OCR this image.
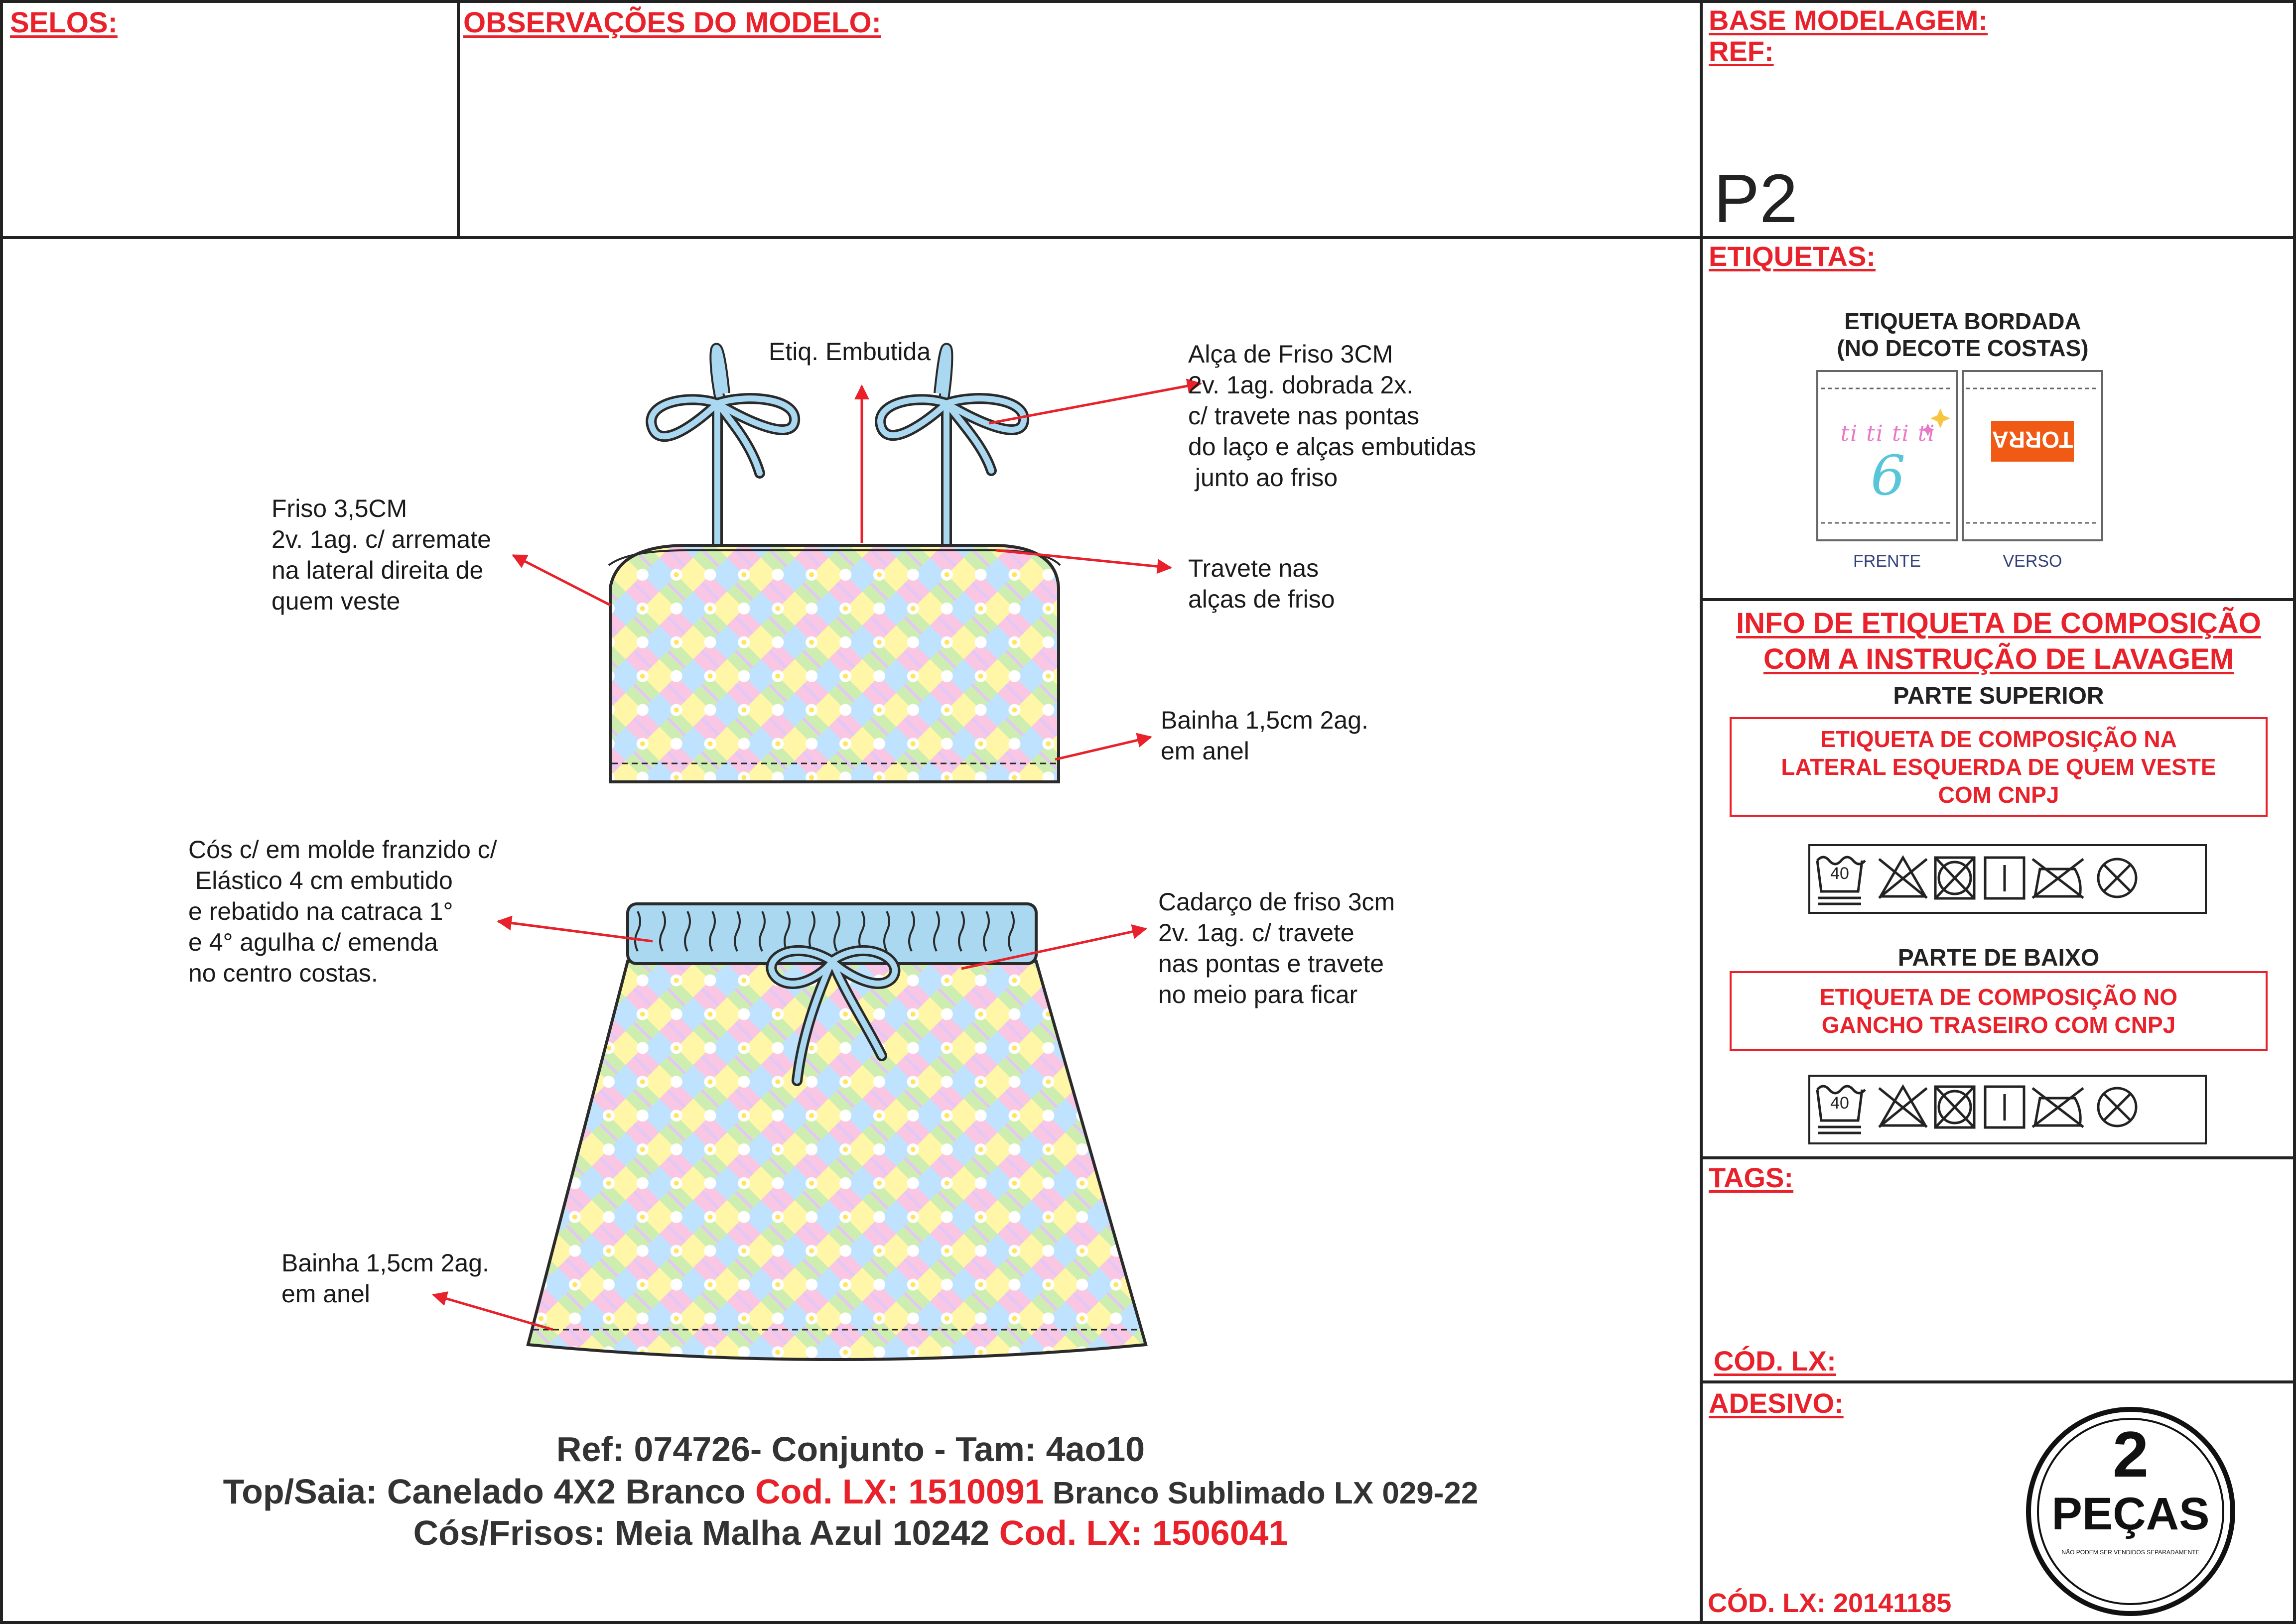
SELOS:	OBSERVAÇÕES DO MODELO:	BASE MODELAGEM:
REF:
P2
Etiq. Embutida	Alça de Friso 3CM
2v. 1ag. dobrada 2x.
c/ travete nas pontas
do laço e alças embutidas
junto ao friso
Friso 3,5CM
2v. 1ag. c/ arremate
na lateral direita de
quem veste
Travete nas
alças de friso
Bainha 1,5cm 2ag.
em anel
Cós c/ em molde franzido c/
Elástico 4 cm embutido
e rebatido na catraca 1°
e 4° agulha c/ emenda
no centro costas.
Cadarço de friso 3cm
2v. 1ag. c/ travete
nas pontas e travete
no meio para ficar
Bainha 1,5cm 2ag.
em anel
Ref: 074726- Conjunto - Tam: 4ao10
Top/Saia: Canelado 4X2 Branco Cod. LX: 1510091 Branco Sublimado LX 029-22
Cós/Frisos: Meia Malha Azul 10242 Cod. LX: 1506041
ETIQUETAS:
ETIQUETA BORDADA
(NO DECOTE COSTAS)
ti ti ti ti
6
TORRA
FRENTE	VERSO
INFO DE ETIQUETA DE COMPOSIÇÃO
COM A INSTRUÇÃO DE LAVAGEM
PARTE SUPERIOR
ETIQUETA DE COMPOSIÇÃO NA
LATERAL ESQUERDA DE QUEM VESTE
COM CNPJ
40
PARTE DE BAIXO
ETIQUETA DE COMPOSIÇÃO NO
GANCHO TRASEIRO COM CNPJ
40
TAGS:
CÓD. LX:
ADESIVO:
2
PEÇAS
NÃO PODEM SER VENDIDOS SEPARADAMENTE
CÓD. LX: 20141185
